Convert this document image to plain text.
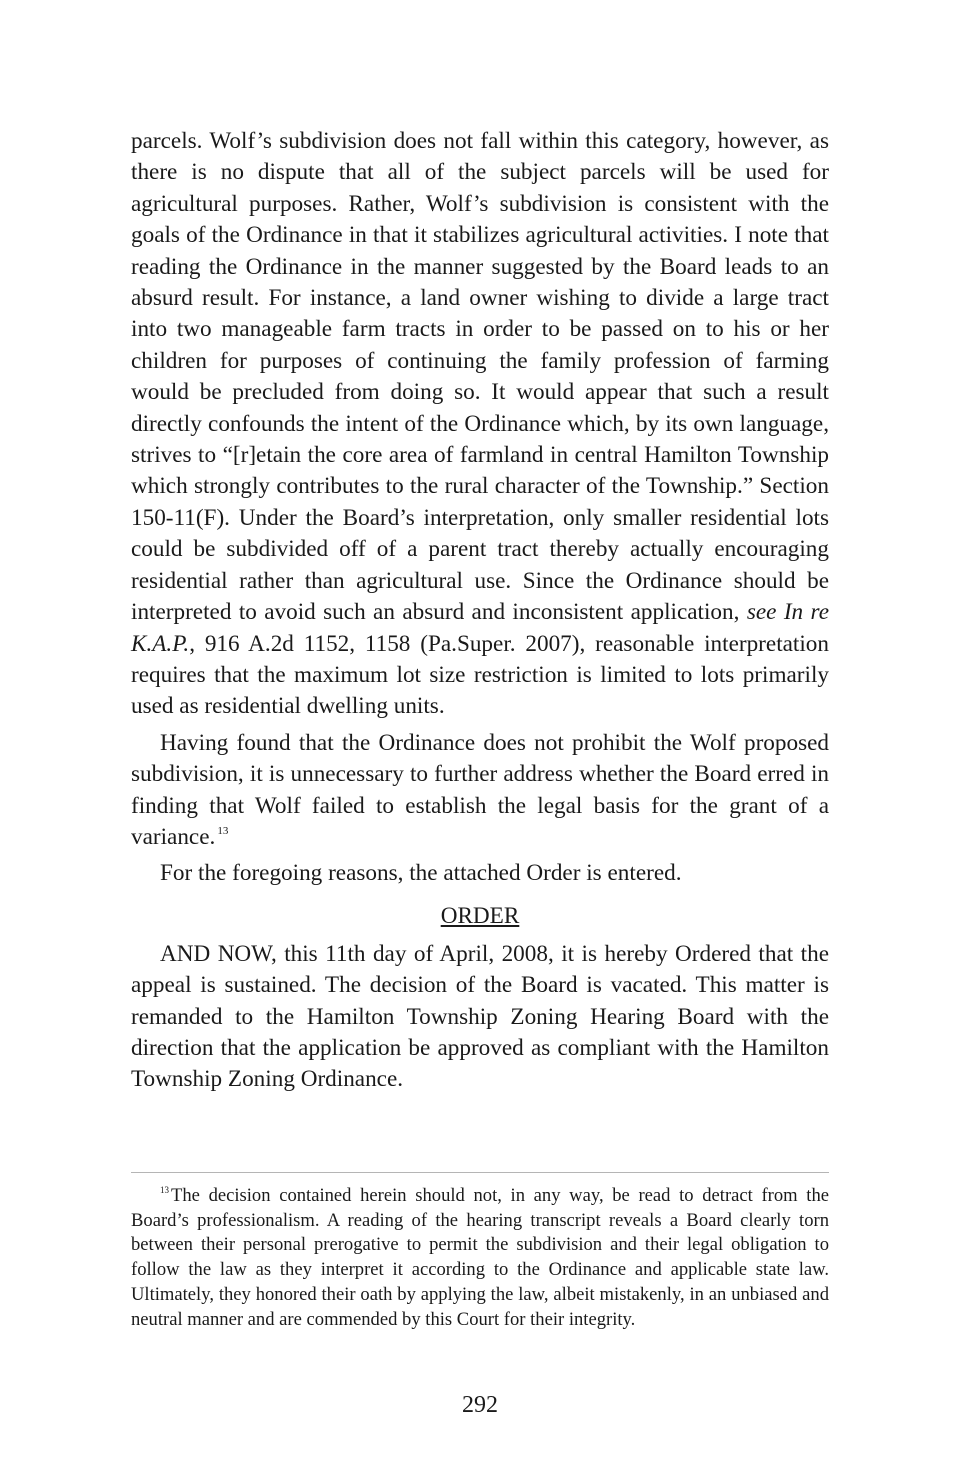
parcels. Wolf’s subdivision does not fall within this category, however, as there is no dispute that all of the subject parcels will be used for agricultural purposes. Rather, Wolf’s subdivision is consistent with the goals of the Ordinance in that it stabilizes agricultural activities. I note that reading the Ordinance in the manner suggested by the Board leads to an absurd result. For instance, a land owner wishing to divide a large tract into two manageable farm tracts in order to be passed on to his or her children for purposes of continuing the family profession of farming would be precluded from doing so. It would appear that such a result directly confounds the intent of the Ordinance which, by its own language, strives to “[r]etain the core area of farmland in central Hamilton Township which strongly contributes to the rural character of the Township.” Section 150-11(F). Under the Board’s interpretation, only smaller residential lots could be subdivided off of a parent tract thereby actually encouraging residential rather than agricultural use. Since the Ordinance should be interpreted to avoid such an absurd and inconsistent application, see In re K.A.P., 916 A.2d 1152, 1158 (Pa.Super. 2007), reasonable interpretation requires that the maximum lot size restriction is limited to lots primarily used as residential dwelling units.

Having found that the Ordinance does not prohibit the Wolf proposed subdivision, it is unnecessary to further address whether the Board erred in finding that Wolf failed to establish the legal basis for the grant of a variance. $^{13}$

For the foregoing reasons, the attached Order is entered.

ORDER

AND NOW, this 11th day of April, 2008, it is hereby Ordered that the appeal is sustained. The decision of the Board is vacated. This matter is remanded to the Hamilton Township Zoning Hearing Board with the direction that the application be approved as compliant with the Hamilton Township Zoning Ordinance.

$^{13}$ The decision contained herein should not, in any way, be read to detract from the Board’s professionalism. A reading of the hearing transcript reveals a Board clearly torn between their personal prerogative to permit the subdivision and their legal obligation to follow the law as they interpret it according to the Ordinance and applicable state law. Ultimately, they honored their oath by applying the law, albeit mistakenly, in an unbiased and neutral manner and are commended by this Court for their integrity.

292
